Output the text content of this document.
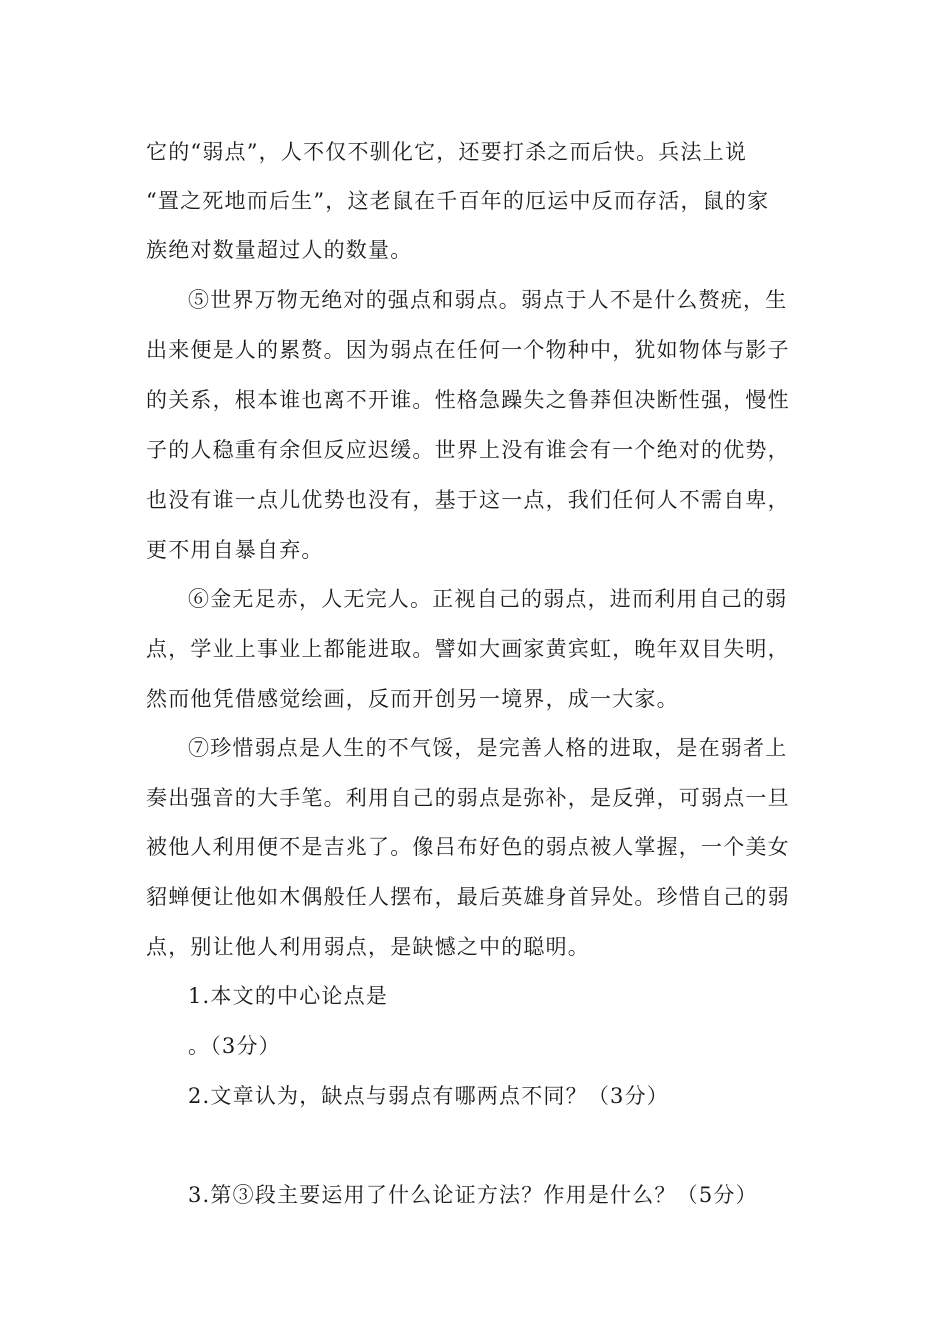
它的“弱点”，人不仅不驯化它，还要打杀之而后快。兵法上说
“置之死地而后生”，这老鼠在千百年的厄运中反而存活，鼠的家
族绝对数量超过人的数量。
⑤世界万物无绝对的强点和弱点。弱点于人不是什么赘疣，生
出来便是人的累赘。因为弱点在任何一个物种中，犹如物体与影子
的关系，根本谁也离不开谁。性格急躁失之鲁莽但决断性强，慢性
子的人稳重有余但反应迟缓。世界上没有谁会有一个绝对的优势，
也没有谁一点儿优势也没有，基于这一点，我们任何人不需自卑，
更不用自暴自弃。
⑥金无足赤，人无完人。正视自己的弱点，进而利用自己的弱
点，学业上事业上都能进取。譬如大画家黄宾虹，晚年双目失明，
然而他凭借感觉绘画，反而开创另一境界，成一大家。
⑦珍惜弱点是人生的不气馁，是完善人格的进取，是在弱者上
奏出强音的大手笔。利用自己的弱点是弥补，是反弹，可弱点一旦
被他人利用便不是吉兆了。像吕布好色的弱点被人掌握，一个美女
貂蝉便让他如木偶般任人摆布，最后英雄身首异处。珍惜自己的弱
点，别让他人利用弱点，是缺憾之中的聪明。
1.本文的中心论点是
。（3分）
2.文章认为，缺点与弱点有哪两点不同？（3分）
3.第③段主要运用了什么论证方法？作用是什么？（5分）
